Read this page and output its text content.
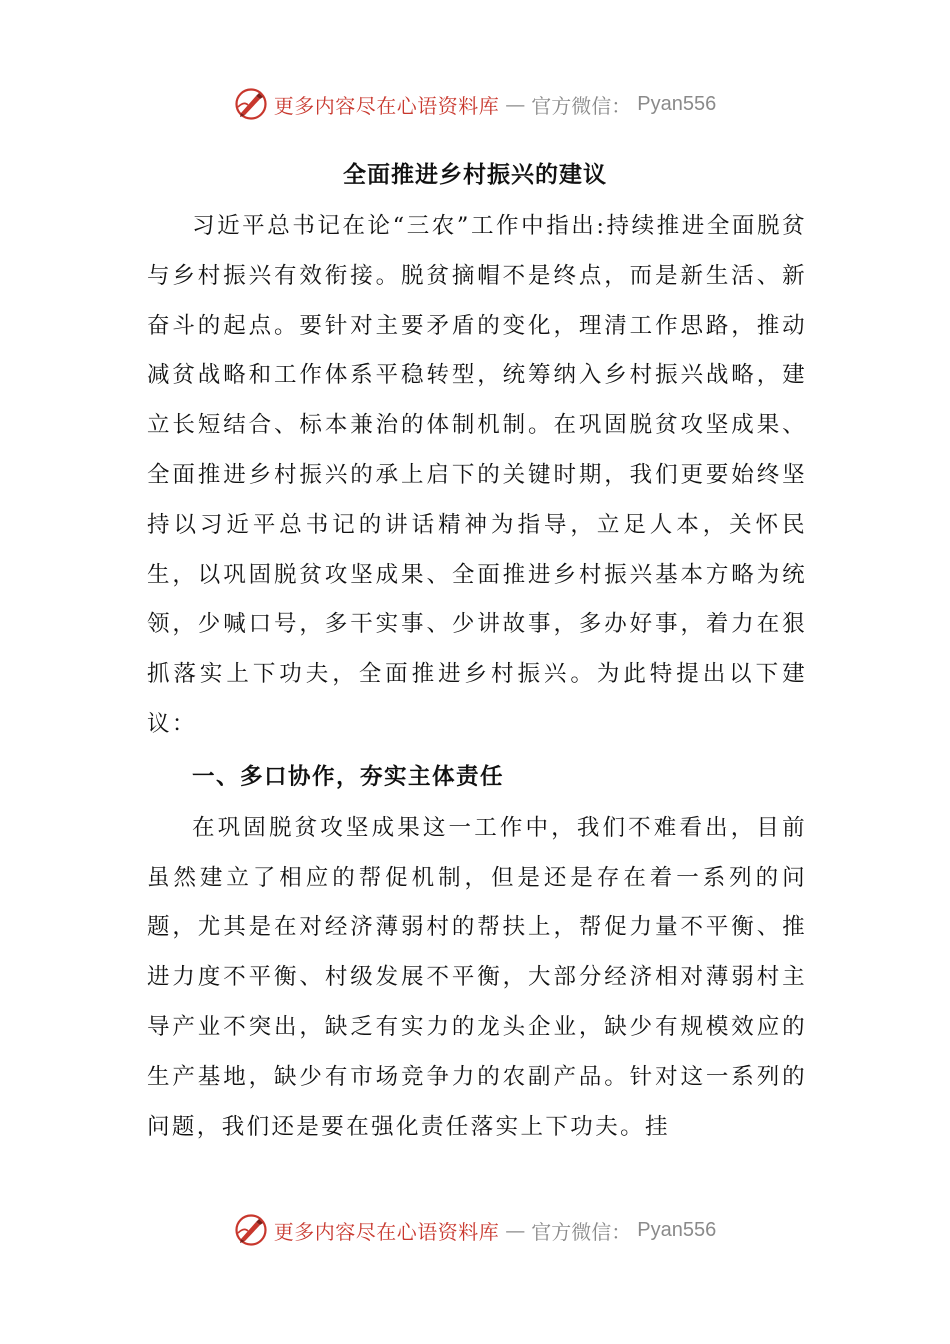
更多内容尽在心语资料库 — 官方微信： Pyan556
全面推进乡村振兴的建议

习近平总书记在论“三农”工作中指出:持续推进全面脱贫与乡村振兴有效衔接。脱贫摘帽不是终点，而是新生活、新奋斗的起点。要针对主要矛盾的变化，理清工作思路，推动减贫战略和工作体系平稳转型，统筹纳入乡村振兴战略，建立长短结合、标本兼治的体制机制。在巩固脱贫攻坚成果、全面推进乡村振兴的承上启下的关键时期，我们更要始终坚持以习近平总书记的讲话精神为指导，立足人本，关怀民生，以巩固脱贫攻坚成果、全面推进乡村振兴基本方略为统领，少喊口号，多干实事、少讲故事，多办好事，着力在狠抓落实上下功夫，全面推进乡村振兴。为此特提出以下建议：

一、多口协作，夯实主体责任

在巩固脱贫攻坚成果这一工作中，我们不难看出，目前虽然建立了相应的帮促机制，但是还是存在着一系列的问题，尤其是在对经济薄弱村的帮扶上，帮促力量不平衡、推进力度不平衡、村级发展不平衡，大部分经济相对薄弱村主导产业不突出，缺乏有实力的龙头企业，缺少有规模效应的生产基地，缺少有市场竞争力的农副产品。针对这一系列的问题，我们还是要在强化责任落实上下功夫。挂

更多内容尽在心语资料库 — 官方微信： Pyan556
